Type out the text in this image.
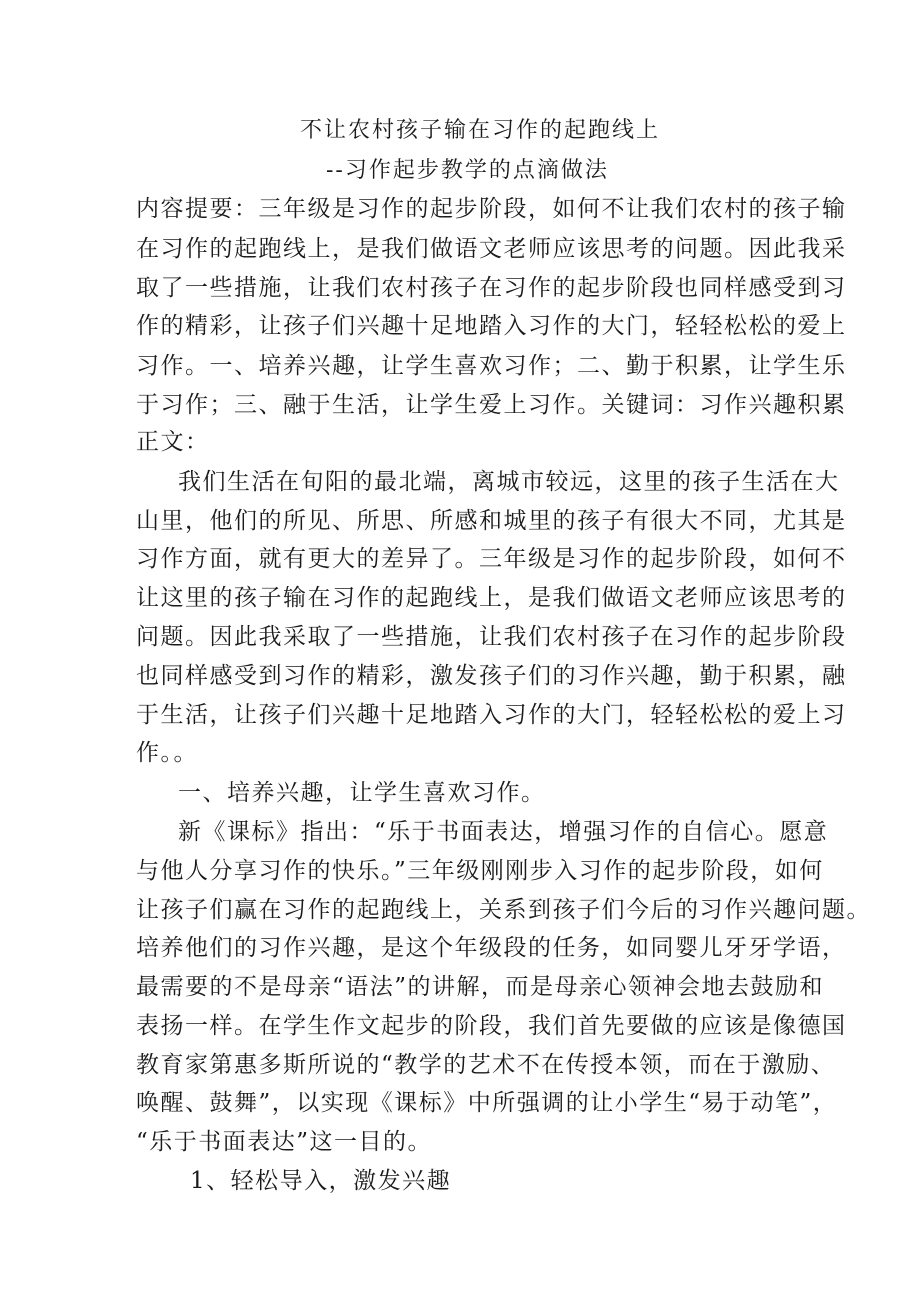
不让农村孩子输在习作的起跑线上
--习作起步教学的点滴做法
内容提要：三年级是习作的起步阶段，如何不让我们农村的孩子输
在习作的起跑线上，是我们做语文老师应该思考的问题。因此我采
取了一些措施，让我们农村孩子在习作的起步阶段也同样感受到习
作的精彩，让孩子们兴趣十足地踏入习作的大门，轻轻松松的爱上
习作。一、培养兴趣，让学生喜欢习作；二、勤于积累，让学生乐
于习作；三、融于生活，让学生爱上习作。关键词：习作兴趣积累
正文：
我们生活在旬阳的最北端，离城市较远，这里的孩子生活在大
山里，他们的所见、所思、所感和城里的孩子有很大不同，尤其是
习作方面，就有更大的差异了。三年级是习作的起步阶段，如何不
让这里的孩子输在习作的起跑线上，是我们做语文老师应该思考的
问题。因此我采取了一些措施，让我们农村孩子在习作的起步阶段
也同样感受到习作的精彩，激发孩子们的习作兴趣，勤于积累，融
于生活，让孩子们兴趣十足地踏入习作的大门，轻轻松松的爱上习
作。。
一、培养兴趣，让学生喜欢习作。
新《课标》指出：“乐于书面表达，增强习作的自信心。愿意
与他人分享习作的快乐。”三年级刚刚步入习作的起步阶段，如何
让孩子们赢在习作的起跑线上，关系到孩子们今后的习作兴趣问题。
培养他们的习作兴趣，是这个年级段的任务，如同婴儿牙牙学语，
最需要的不是母亲“语法”的讲解，而是母亲心领神会地去鼓励和
表扬一样。在学生作文起步的阶段，我们首先要做的应该是像德国
教育家第惠多斯所说的“教学的艺术不在传授本领，而在于激励、
唤醒、鼓舞”，以实现《课标》中所强调的让小学生“易于动笔”，
“乐于书面表达”这一目的。
1、轻松导入，激发兴趣
